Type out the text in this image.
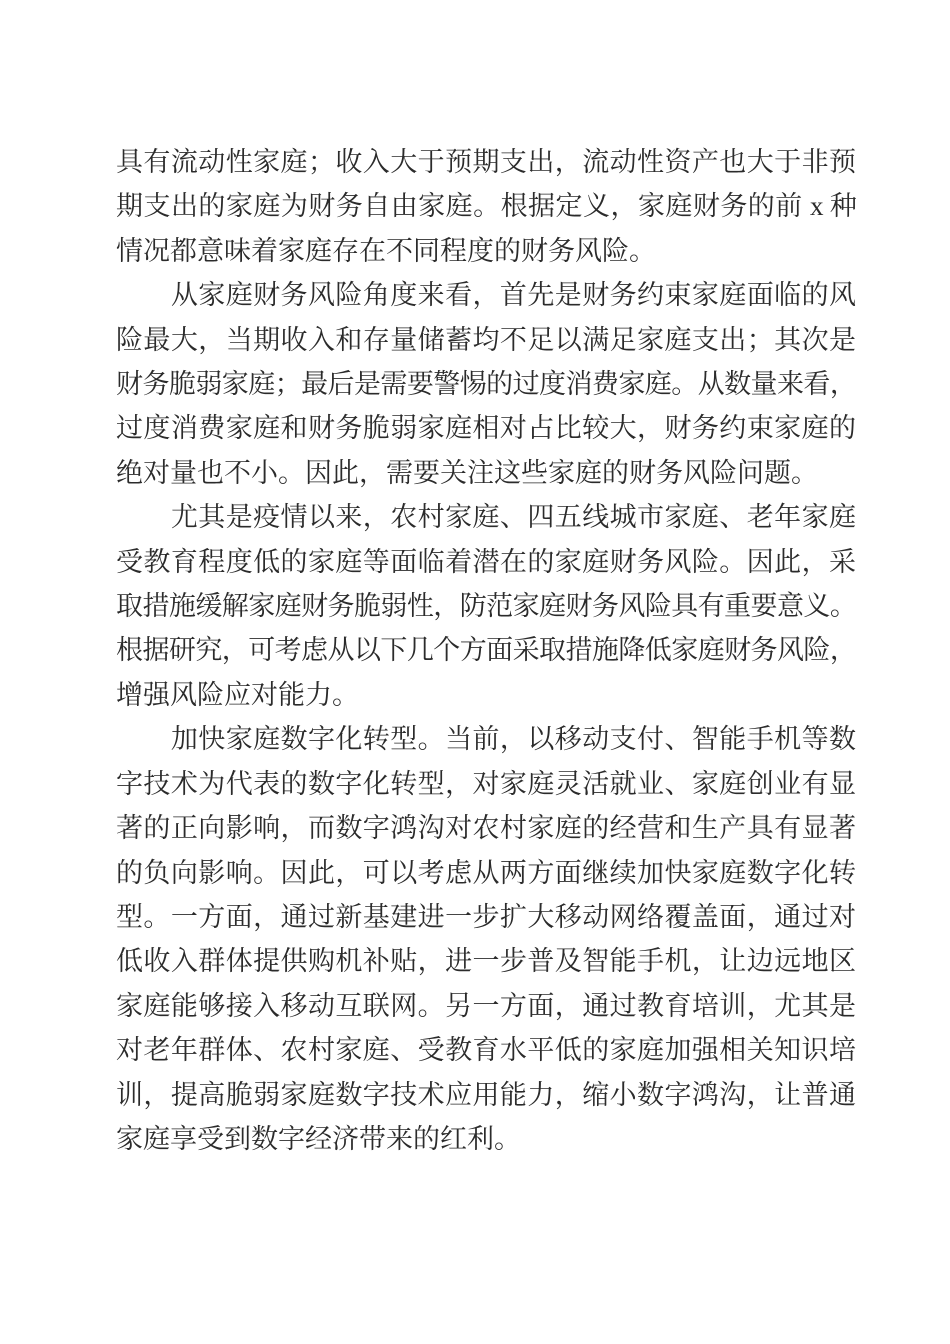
具有流动性家庭；收入大于预期支出，流动性资产也大于非预
期支出的家庭为财务自由家庭。根据定义，家庭财务的前 x 种
情况都意味着家庭存在不同程度的财务风险。
　　从家庭财务风险角度来看，首先是财务约束家庭面临的风
险最大，当期收入和存量储蓄均不足以满足家庭支出；其次是
财务脆弱家庭；最后是需要警惕的过度消费家庭。从数量来看，
过度消费家庭和财务脆弱家庭相对占比较大，财务约束家庭的
绝对量也不小。因此，需要关注这些家庭的财务风险问题。
　　尤其是疫情以来，农村家庭、四五线城市家庭、老年家庭
受教育程度低的家庭等面临着潜在的家庭财务风险。因此，采
取措施缓解家庭财务脆弱性，防范家庭财务风险具有重要意义。
根据研究，可考虑从以下几个方面采取措施降低家庭财务风险，
增强风险应对能力。
　　加快家庭数字化转型。当前，以移动支付、智能手机等数
字技术为代表的数字化转型，对家庭灵活就业、家庭创业有显
著的正向影响，而数字鸿沟对农村家庭的经营和生产具有显著
的负向影响。因此，可以考虑从两方面继续加快家庭数字化转
型。一方面，通过新基建进一步扩大移动网络覆盖面，通过对
低收入群体提供购机补贴，进一步普及智能手机，让边远地区
家庭能够接入移动互联网。另一方面，通过教育培训，尤其是
对老年群体、农村家庭、受教育水平低的家庭加强相关知识培
训，提高脆弱家庭数字技术应用能力，缩小数字鸿沟，让普通
家庭享受到数字经济带来的红利。
